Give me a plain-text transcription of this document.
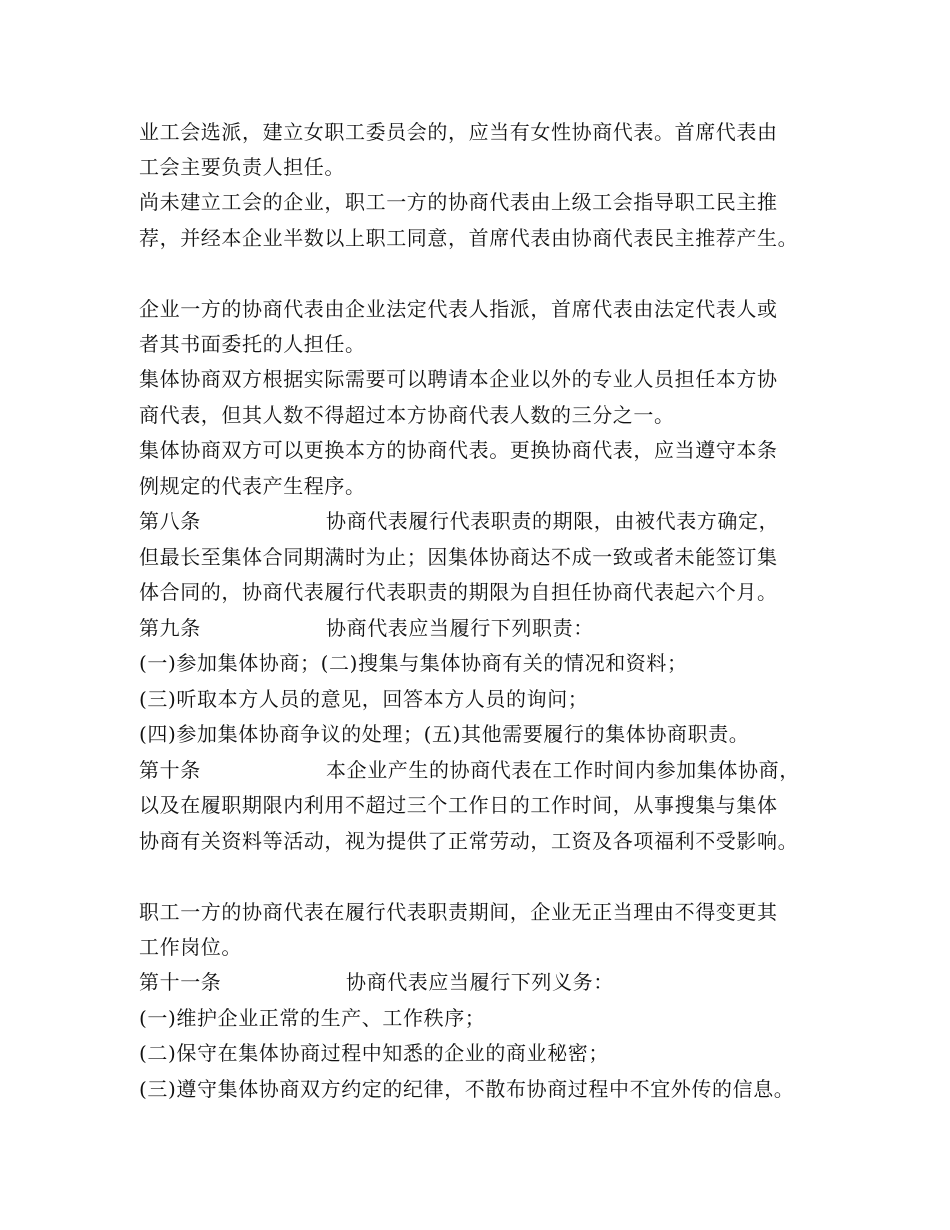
业工会选派，建立女职工委员会的，应当有女性协商代表。首席代表由
工会主要负责人担任。
尚未建立工会的企业，职工一方的协商代表由上级工会指导职工民主推
荐，并经本企业半数以上职工同意，首席代表由协商代表民主推荐产生。
企业一方的协商代表由企业法定代表人指派，首席代表由法定代表人或
者其书面委托的人担任。
集体协商双方根据实际需要可以聘请本企业以外的专业人员担任本方协
商代表，但其人数不得超过本方协商代表人数的三分之一。
集体协商双方可以更换本方的协商代表。更换协商代表，应当遵守本条
例规定的代表产生程序。
第八条	协商代表履行代表职责的期限，由被代表方确定，
但最长至集体合同期满时为止；因集体协商达不成一致或者未能签订集
体合同的，协商代表履行代表职责的期限为自担任协商代表起六个月。
第九条	协商代表应当履行下列职责：
(一)参加集体协商；(二)搜集与集体协商有关的情况和资料；
(三)听取本方人员的意见，回答本方人员的询问；
(四)参加集体协商争议的处理；(五)其他需要履行的集体协商职责。
第十条	本企业产生的协商代表在工作时间内参加集体协商，
以及在履职期限内利用不超过三个工作日的工作时间，从事搜集与集体
协商有关资料等活动，视为提供了正常劳动，工资及各项福利不受影响。
职工一方的协商代表在履行代表职责期间，企业无正当理由不得变更其
工作岗位。
第十一条	协商代表应当履行下列义务：
(一)维护企业正常的生产、工作秩序；
(二)保守在集体协商过程中知悉的企业的商业秘密；
(三)遵守集体协商双方约定的纪律，不散布协商过程中不宜外传的信息。
